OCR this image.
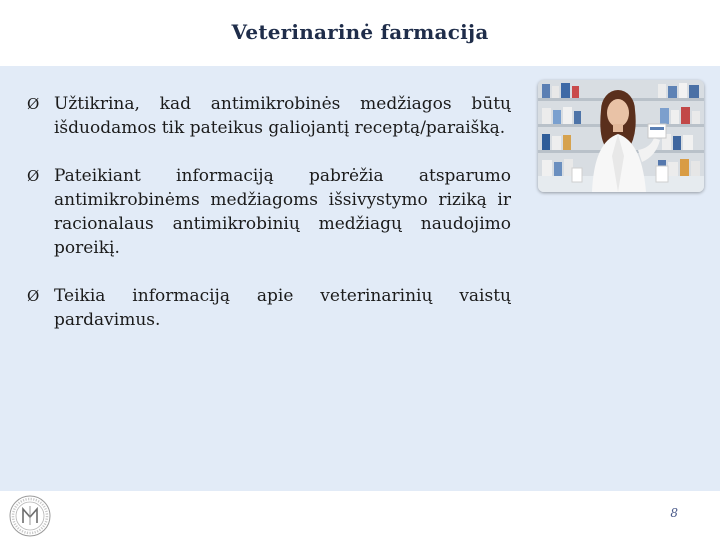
Veterinarinė farmacija
Ø Užtikrina, kad antimikrobinės medžiagos būtų išduodamos tik pateikus galiojantį receptą/paraišką.
Ø Pateikiant informaciją pabrėžia atsparumo antimikrobinėms medžiagoms išsivystymo riziką ir racionalaus antimikrobinių medžiagų naudojimo poreikį.
Ø Teikia informaciją apie veterinarinių vaistų pardavimus.
8
